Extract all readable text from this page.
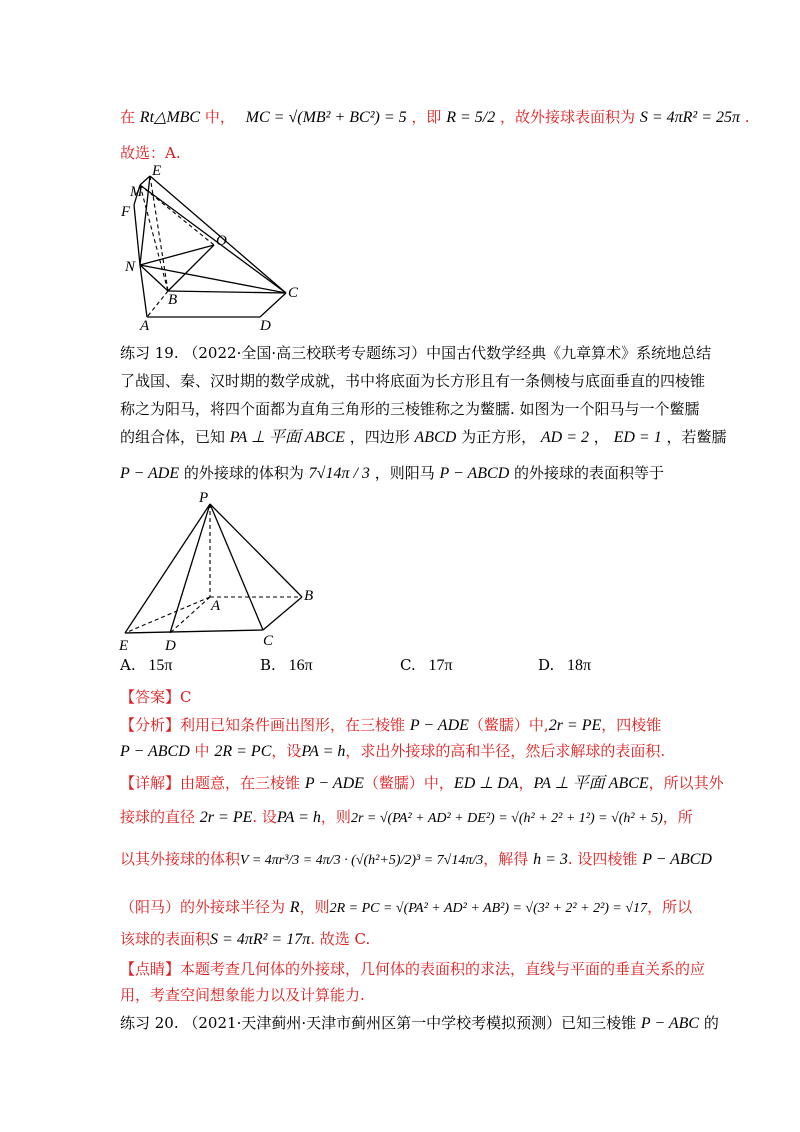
在 Rt△MBC 中， MC = √(MB² + BC²) = 5 ，即 R = 5/2 ，故外接球表面积为 S = 4πR² = 25π .
故选：A.
E
M
F
O
N
B	C
A	D
练习 19. （2022·全国·高三校联考专题练习）中国古代数学经典《九章算术》系统地总结
了战国、秦、汉时期的数学成就，书中将底面为长方形且有一条侧棱与底面垂直的四棱锥
称之为阳马，将四个面都为直角三角形的三棱锥称之为鳖臑. 如图为一个阳马与一个鳖臑
的组合体，已知 PA ⊥ 平面 ABCE ，四边形 ABCD 为正方形， AD = 2 ， ED = 1 ，若鳖臑
P − ADE 的外接球的体积为 7√14π / 3 ，则阳马 P − ABCD 的外接球的表面积等于
P
A
B
E D	C
A. 15π	B. 16π	C. 17π	D. 18π
【答案】C
【分析】利用已知条件画出图形，在三棱锥 P − ADE（鳖臑）中,2r = PE，四棱锥
P − ABCD 中 2R = PC，设PA = h，求出外接球的高和半径，然后求解球的表面积.
【详解】由题意，在三棱锥 P − ADE（鳖臑）中，ED ⊥ DA，PA ⊥ 平面 ABCE，所以其外
接球的直径 2r = PE. 设PA = h，则2r = √(PA² + AD² + DE²) = √(h² + 2² + 1²) = √(h² + 5)，所
以其外接球的体积V = 4πr³/3 = 4π/3 · (√(h²+5)/2)³ = 7√14π/3，解得 h = 3. 设四棱锥 P − ABCD
（阳马）的外接球半径为 R，则2R = PC = √(PA² + AD² + AB²) = √(3² + 2² + 2²) = √17，所以
该球的表面积S = 4πR² = 17π. 故选 C.
【点睛】本题考查几何体的外接球，几何体的表面积的求法，直线与平面的垂直关系的应
用，考查空间想象能力以及计算能力.
练习 20. （2021·天津蓟州·天津市蓟州区第一中学校考模拟预测）已知三棱锥 P − ABC 的
